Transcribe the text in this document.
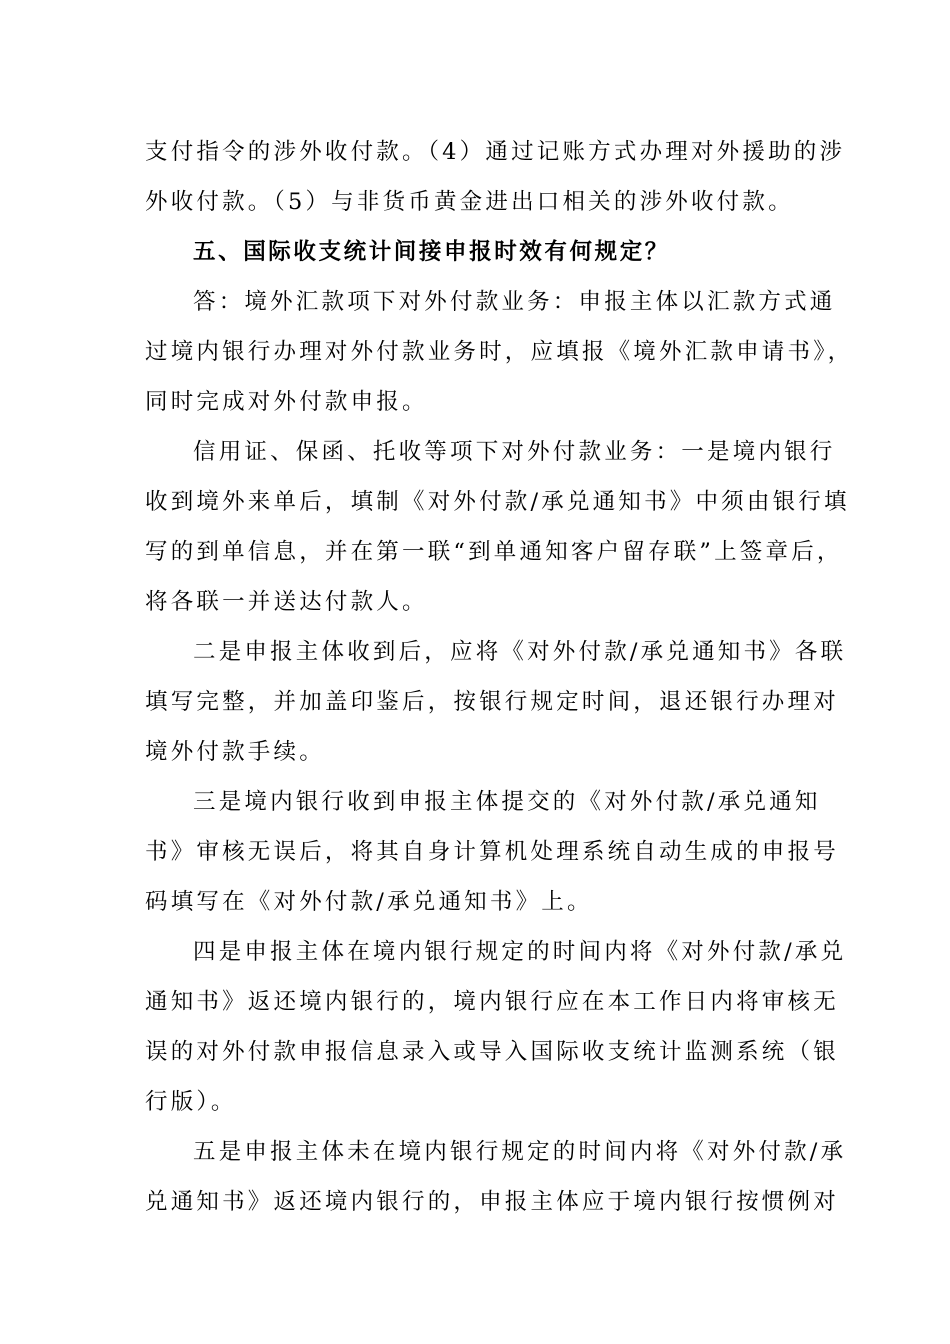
支付指令的涉外收付款。（4）通过记账方式办理对外援助的涉
外收付款。（5）与非货币黄金进出口相关的涉外收付款。
五、国际收支统计间接申报时效有何规定？
答：境外汇款项下对外付款业务：申报主体以汇款方式通
过境内银行办理对外付款业务时，应填报《境外汇款申请书》，
同时完成对外付款申报。
信用证、保函、托收等项下对外付款业务：一是境内银行
收到境外来单后，填制《对外付款/承兑通知书》中须由银行填
写的到单信息，并在第一联“到单通知客户留存联”上签章后，
将各联一并送达付款人。
二是申报主体收到后，应将《对外付款/承兑通知书》各联
填写完整，并加盖印鉴后，按银行规定时间，退还银行办理对
境外付款手续。
三是境内银行收到申报主体提交的《对外付款/承兑通知
书》审核无误后，将其自身计算机处理系统自动生成的申报号
码填写在《对外付款/承兑通知书》上。
四是申报主体在境内银行规定的时间内将《对外付款/承兑
通知书》返还境内银行的，境内银行应在本工作日内将审核无
误的对外付款申报信息录入或导入国际收支统计监测系统（银
行版）。
五是申报主体未在境内银行规定的时间内将《对外付款/承
兑通知书》返还境内银行的，申报主体应于境内银行按惯例对
